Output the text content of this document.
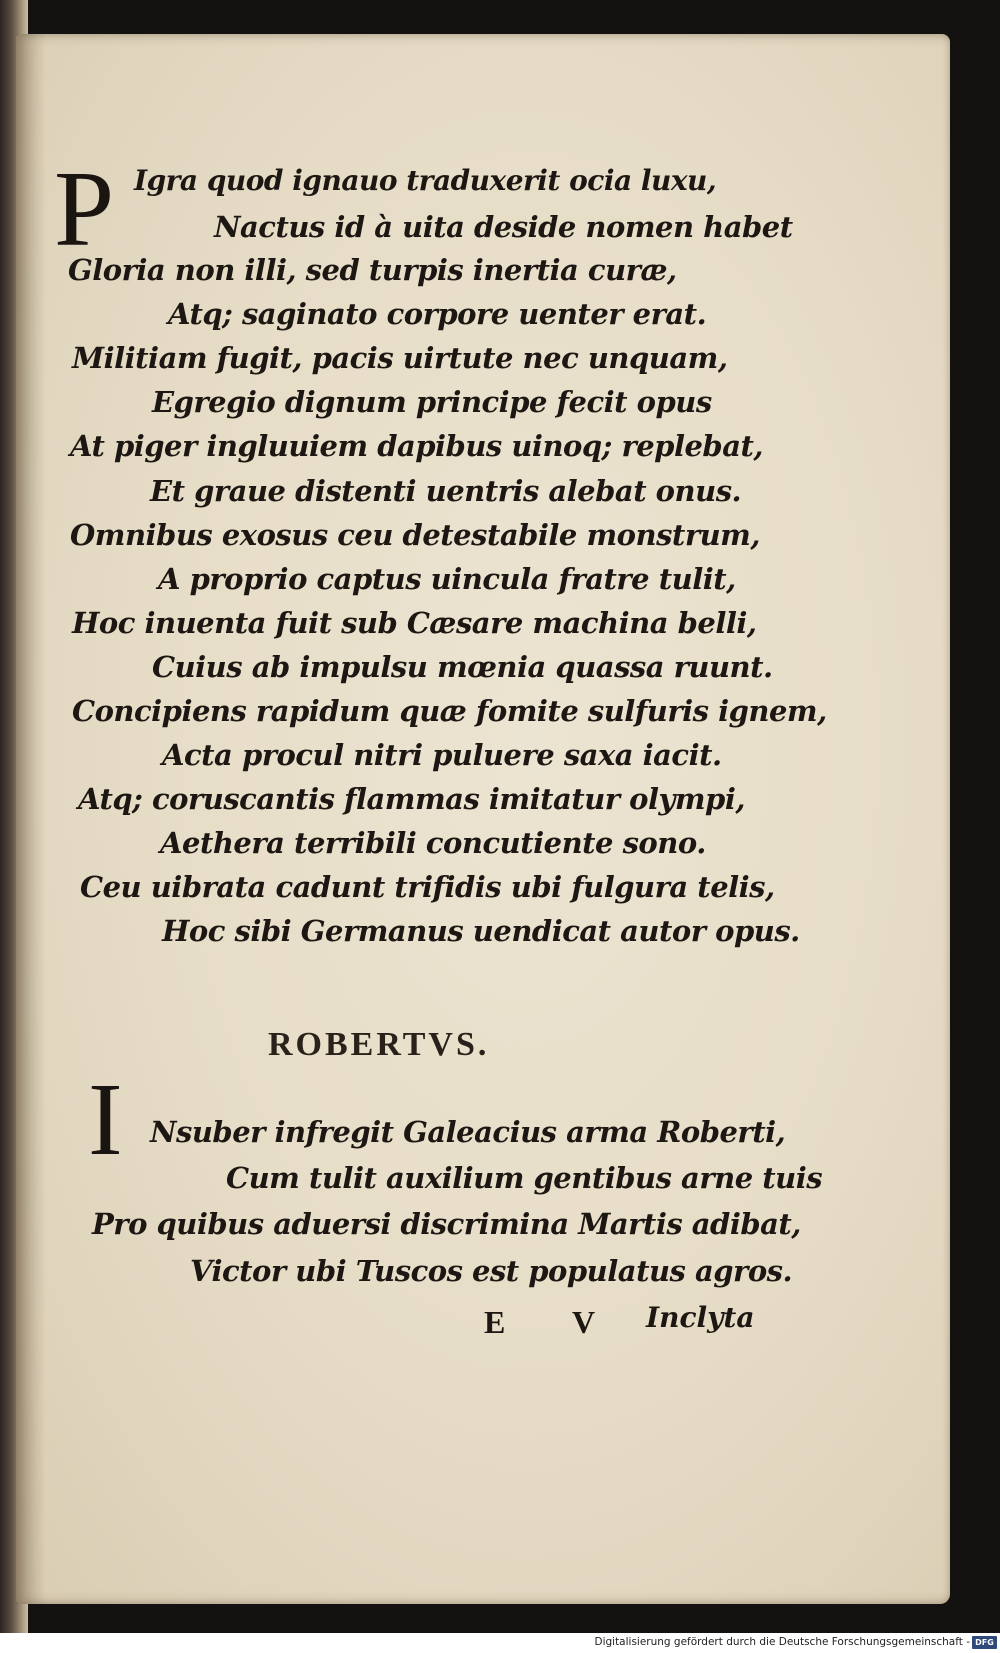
P Igra quod ignauo traduxerit ocia luxu,
Nactus id à uita deside nomen habet
Gloria non illi, sed turpis inertia curæ,
Atq; saginato corpore uenter erat.
Militiam fugit, pacis uirtute nec unquam,
Egregio dignum principe fecit opus
At piger ingluuiem dapibus uinoq; replebat,
Et graue distenti uentris alebat onus.
Omnibus exosus ceu detestabile monstrum,
A proprio captus uincula fratre tulit,
Hoc inuenta fuit sub Cæsare machina belli,
Cuius ab impulsu mœnia quassa ruunt.
Concipiens rapidum quæ fomite sulfuris ignem,
Acta procul nitri puluere saxa iacit.
Atq; coruscantis flammas imitatur olympi,
Aethera terribili concutiente sono.
Ceu uibrata cadunt trifidis ubi fulgura telis,
Hoc sibi Germanus uendicat autor opus.
ROBERTVS.
I Nsuber infregit Galeacius arma Roberti,
Cum tulit auxilium gentibus arne tuis
Pro quibus aduersi discrimina Martis adibat,
Victor ubi Tuscos est populatus agros.
E V Inclyta
Digitalisierung gefördert durch die Deutsche Forschungsgemeinschaft - DFG
